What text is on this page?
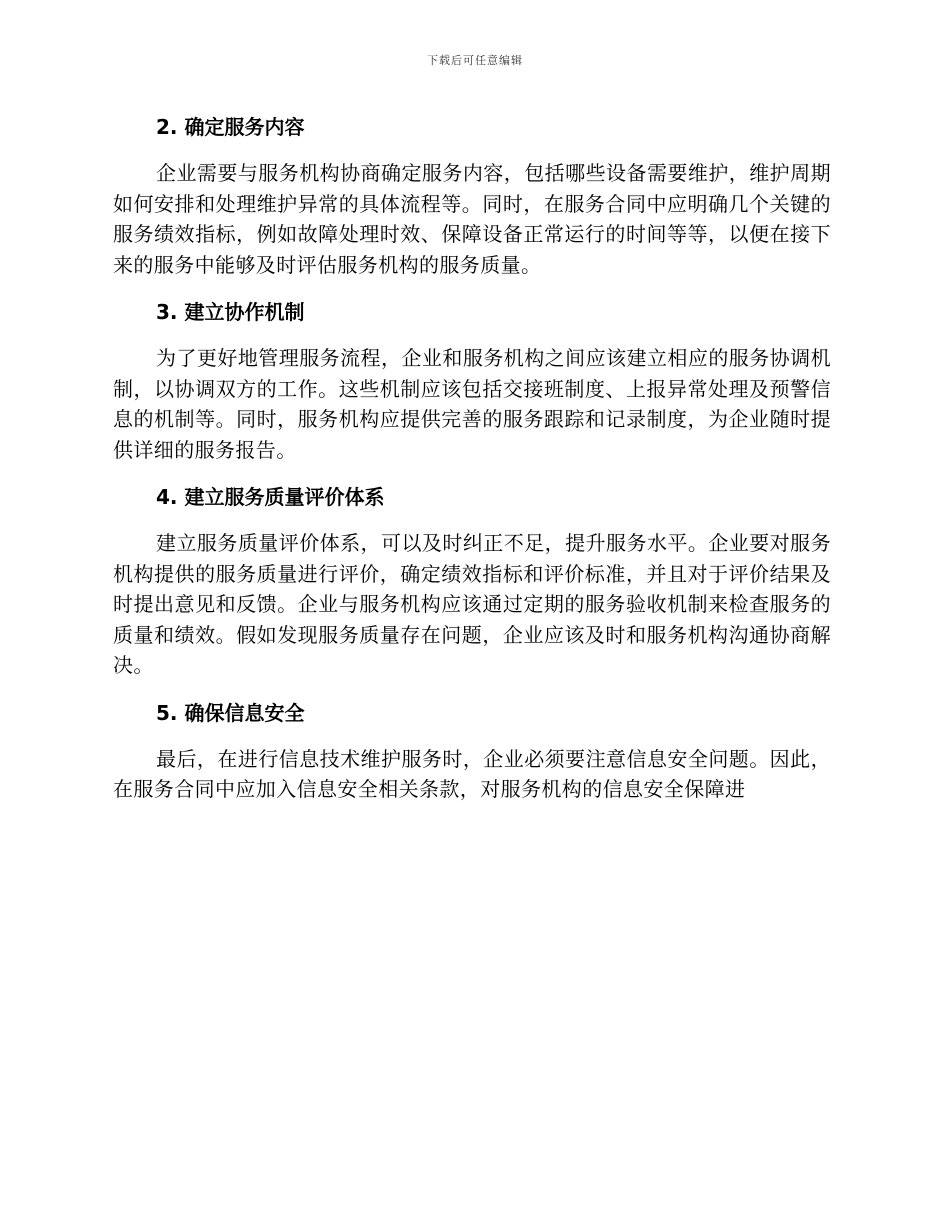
下载后可任意编辑
2. 确定服务内容

企业需要与服务机构协商确定服务内容，包括哪些设备需要维护，维护周期如何安排和处理维护异常的具体流程等。同时，在服务合同中应明确几个关键的服务绩效指标，例如故障处理时效、保障设备正常运行的时间等等，以便在接下来的服务中能够及时评估服务机构的服务质量。

3. 建立协作机制

为了更好地管理服务流程，企业和服务机构之间应该建立相应的服务协调机制，以协调双方的工作。这些机制应该包括交接班制度、上报异常处理及预警信息的机制等。同时，服务机构应提供完善的服务跟踪和记录制度，为企业随时提供详细的服务报告。

4. 建立服务质量评价体系

建立服务质量评价体系，可以及时纠正不足，提升服务水平。企业要对服务机构提供的服务质量进行评价，确定绩效指标和评价标准，并且对于评价结果及时提出意见和反馈。企业与服务机构应该通过定期的服务验收机制来检查服务的质量和绩效。假如发现服务质量存在问题，企业应该及时和服务机构沟通协商解决。

5. 确保信息安全

最后，在进行信息技术维护服务时，企业必须要注意信息安全问题。因此，在服务合同中应加入信息安全相关条款，对服务机构的信息安全保障进
